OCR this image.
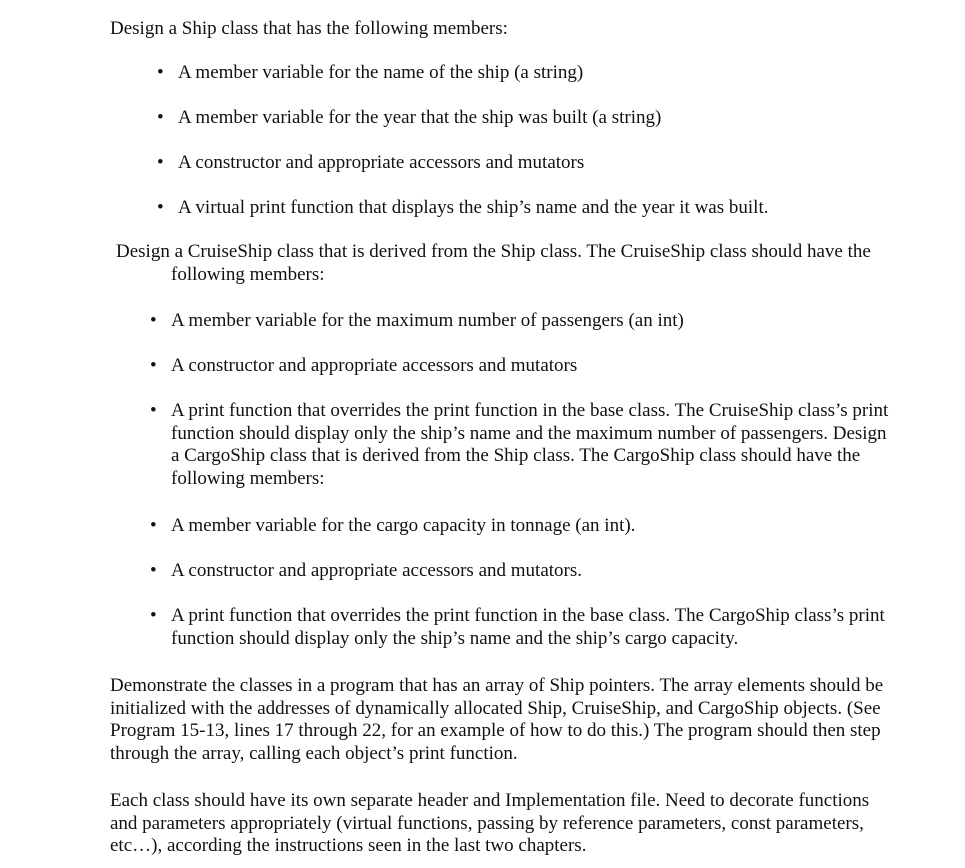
Design a Ship class that has the following members:

• A member variable for the name of the ship (a string)
• A member variable for the year that the ship was built (a string)
• A constructor and appropriate accessors and mutators
• A virtual print function that displays the ship’s name and the year it was built.

Design a CruiseShip class that is derived from the Ship class. The CruiseShip class should have the following members:

• A member variable for the maximum number of passengers (an int)
• A constructor and appropriate accessors and mutators
• A print function that overrides the print function in the base class. The CruiseShip class’s print function should display only the ship’s name and the maximum number of passengers. Design a CargoShip class that is derived from the Ship class. The CargoShip class should have the following members:
• A member variable for the cargo capacity in tonnage (an int).
• A constructor and appropriate accessors and mutators.
• A print function that overrides the print function in the base class. The CargoShip class’s print function should display only the ship’s name and the ship’s cargo capacity.

Demonstrate the classes in a program that has an array of Ship pointers. The array elements should be initialized with the addresses of dynamically allocated Ship, CruiseShip, and CargoShip objects. (See Program 15-13, lines 17 through 22, for an example of how to do this.) The program should then step through the array, calling each object’s print function.

Each class should have its own separate header and Implementation file. Need to decorate functions and parameters appropriately (virtual functions, passing by reference parameters, const parameters, etc…), according the instructions seen in the last two chapters.
